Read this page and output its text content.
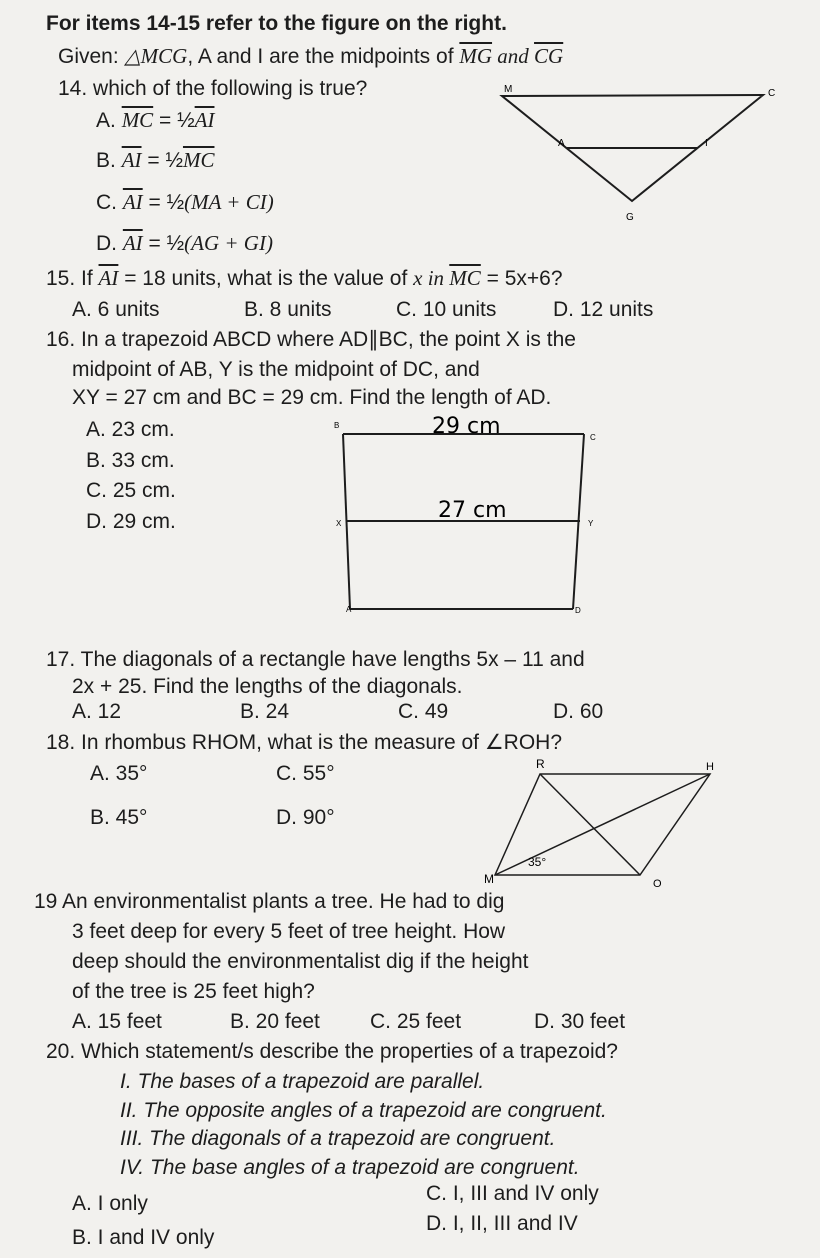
For items 14-15 refer to the figure on the right.
Given: △MCG, A and I are the midpoints of $\overline{MG}$ and $\overline{CG}$
14. which of the following is true?
A. $\overline{MC}$ = $\frac{1}{2}\overline{AI}$
B. $\overline{AI}$ = $\frac{1}{2}\overline{MC}$
C. $\overline{AI}$ = ½(MA + CI)
D. $\overline{AI}$ = ½(AG + GI)
M	C
A	I
G
15. If $\overline{AI} = 18$ units, what is the value of x in $\overline{MC} = 5x+6$?
A. 6 units	B. 8 units	C. 10 units	D. 12 units
16. In a trapezoid ABCD where AD∥BC, the point X is the
midpoint of AB, Y is the midpoint of DC, and
XY = 27 cm and BC = 29 cm. Find the length of AD.
A. 23 cm.
B. 33 cm.
C. 25 cm.
D. 29 cm.
29 cm
27 cm
B
C
X	Y
A	D
17. The diagonals of a rectangle have lengths 5x – 11 and
2x + 25. Find the lengths of the diagonals.
A. 12	B. 24	C. 49	D. 60
18. In rhombus RHOM, what is the measure of ∠ROH?
A. 35°	C. 55°
B. 45°	D. 90°
R	H
M	O
35°
19 An environmentalist plants a tree. He had to dig
3 feet deep for every 5 feet of tree height. How
deep should the environmentalist dig if the height
of the tree is 25 feet high?
A. 15 feet	B. 20 feet C. 25 feet	D. 30 feet
20. Which statement/s describe the properties of a trapezoid?
I. The bases of a trapezoid are parallel.
II. The opposite angles of a trapezoid are congruent.
III. The diagonals of a trapezoid are congruent.
IV. The base angles of a trapezoid are congruent.
A. I only	C. I, III and IV only
B. I and IV only
D. I, II, III and IV
